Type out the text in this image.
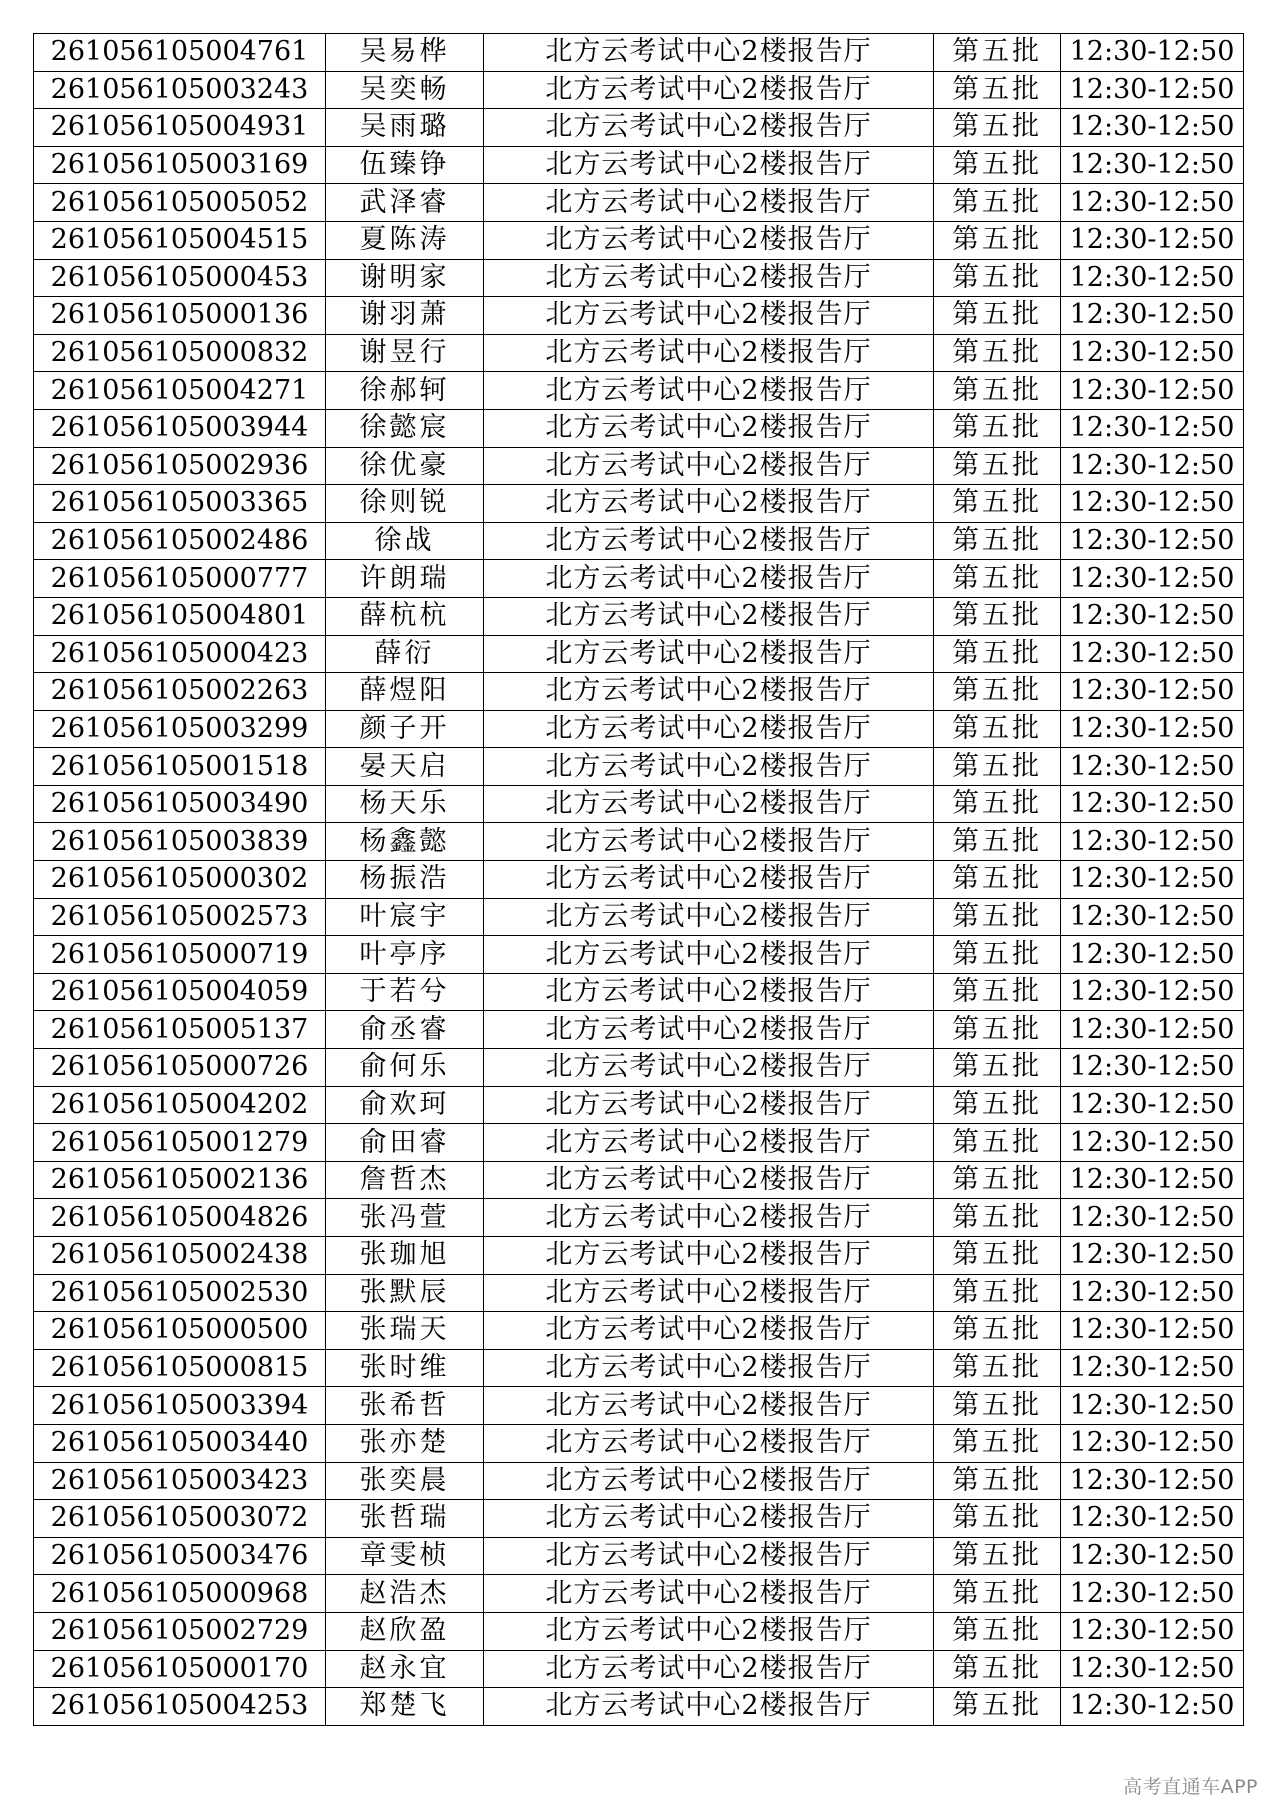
261056105004761	吴易桦	北方云考试中心2楼报告厅	第五批	12:30-12:50
261056105003243	吴奕畅	北方云考试中心2楼报告厅	第五批	12:30-12:50
261056105004931	吴雨璐	北方云考试中心2楼报告厅	第五批	12:30-12:50
261056105003169	伍臻铮	北方云考试中心2楼报告厅	第五批	12:30-12:50
261056105005052	武泽睿	北方云考试中心2楼报告厅	第五批	12:30-12:50
261056105004515	夏陈涛	北方云考试中心2楼报告厅	第五批	12:30-12:50
261056105000453	谢明家	北方云考试中心2楼报告厅	第五批	12:30-12:50
261056105000136	谢羽萧	北方云考试中心2楼报告厅	第五批	12:30-12:50
261056105000832	谢昱行	北方云考试中心2楼报告厅	第五批	12:30-12:50
261056105004271	徐郝轲	北方云考试中心2楼报告厅	第五批	12:30-12:50
261056105003944	徐懿宸	北方云考试中心2楼报告厅	第五批	12:30-12:50
261056105002936	徐优豪	北方云考试中心2楼报告厅	第五批	12:30-12:50
261056105003365	徐则锐	北方云考试中心2楼报告厅	第五批	12:30-12:50
261056105002486	徐战	北方云考试中心2楼报告厅	第五批	12:30-12:50
261056105000777	许朗瑞	北方云考试中心2楼报告厅	第五批	12:30-12:50
261056105004801	薛杭杭	北方云考试中心2楼报告厅	第五批	12:30-12:50
261056105000423	薛衍	北方云考试中心2楼报告厅	第五批	12:30-12:50
261056105002263	薛煜阳	北方云考试中心2楼报告厅	第五批	12:30-12:50
261056105003299	颜子开	北方云考试中心2楼报告厅	第五批	12:30-12:50
261056105001518	晏天启	北方云考试中心2楼报告厅	第五批	12:30-12:50
261056105003490	杨天乐	北方云考试中心2楼报告厅	第五批	12:30-12:50
261056105003839	杨鑫懿	北方云考试中心2楼报告厅	第五批	12:30-12:50
261056105000302	杨振浩	北方云考试中心2楼报告厅	第五批	12:30-12:50
261056105002573	叶宸宇	北方云考试中心2楼报告厅	第五批	12:30-12:50
261056105000719	叶亭序	北方云考试中心2楼报告厅	第五批	12:30-12:50
261056105004059	于若兮	北方云考试中心2楼报告厅	第五批	12:30-12:50
261056105005137	俞丞睿	北方云考试中心2楼报告厅	第五批	12:30-12:50
261056105000726	俞何乐	北方云考试中心2楼报告厅	第五批	12:30-12:50
261056105004202	俞欢珂	北方云考试中心2楼报告厅	第五批	12:30-12:50
261056105001279	俞田睿	北方云考试中心2楼报告厅	第五批	12:30-12:50
261056105002136	詹哲杰	北方云考试中心2楼报告厅	第五批	12:30-12:50
261056105004826	张冯萱	北方云考试中心2楼报告厅	第五批	12:30-12:50
261056105002438	张珈旭	北方云考试中心2楼报告厅	第五批	12:30-12:50
261056105002530	张默辰	北方云考试中心2楼报告厅	第五批	12:30-12:50
261056105000500	张瑞天	北方云考试中心2楼报告厅	第五批	12:30-12:50
261056105000815	张时维	北方云考试中心2楼报告厅	第五批	12:30-12:50
261056105003394	张希哲	北方云考试中心2楼报告厅	第五批	12:30-12:50
261056105003440	张亦楚	北方云考试中心2楼报告厅	第五批	12:30-12:50
261056105003423	张奕晨	北方云考试中心2楼报告厅	第五批	12:30-12:50
261056105003072	张哲瑞	北方云考试中心2楼报告厅	第五批	12:30-12:50
261056105003476	章雯桢	北方云考试中心2楼报告厅	第五批	12:30-12:50
261056105000968	赵浩杰	北方云考试中心2楼报告厅	第五批	12:30-12:50
261056105002729	赵欣盈	北方云考试中心2楼报告厅	第五批	12:30-12:50
261056105000170	赵永宜	北方云考试中心2楼报告厅	第五批	12:30-12:50
261056105004253	郑楚飞	北方云考试中心2楼报告厅	第五批	12:30-12:50
高考直通车APP
